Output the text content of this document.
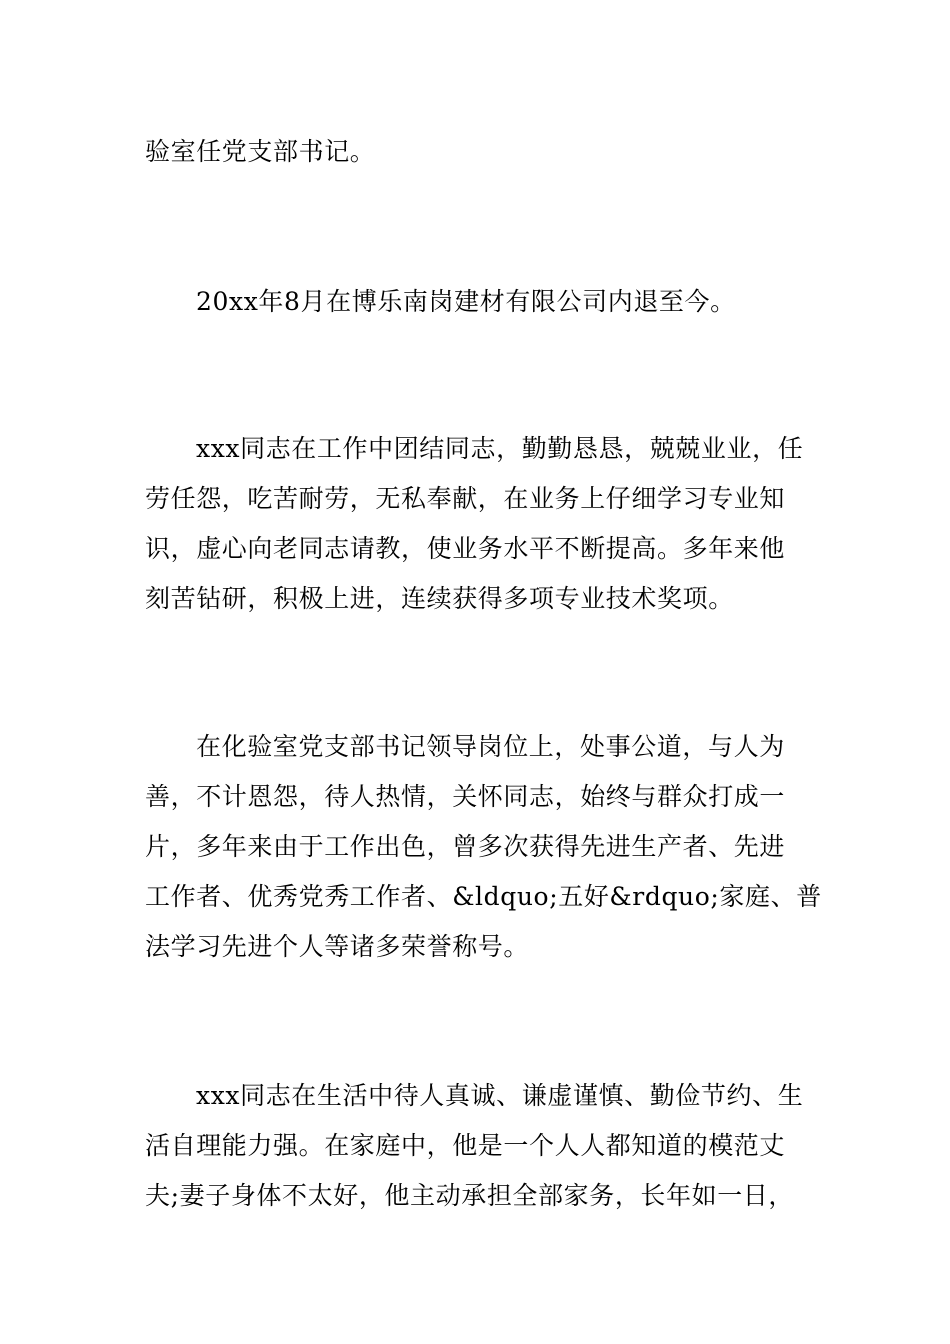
验室任党支部书记。
20xx年8月在博乐南岗建材有限公司内退至今。
xxx同志在工作中团结同志，勤勤恳恳，兢兢业业，任
劳任怨，吃苦耐劳，无私奉献，在业务上仔细学习专业知
识，虚心向老同志请教，使业务水平不断提高。多年来他
刻苦钻研，积极上进，连续获得多项专业技术奖项。
在化验室党支部书记领导岗位上，处事公道，与人为
善，不计恩怨，待人热情，关怀同志，始终与群众打成一
片，多年来由于工作出色，曾多次获得先进生产者、先进
工作者、优秀党秀工作者、&ldquo;五好&rdquo;家庭、普
法学习先进个人等诸多荣誉称号。
xxx同志在生活中待人真诚、谦虚谨慎、勤俭节约、生
活自理能力强。在家庭中，他是一个人人都知道的模范丈
夫;妻子身体不太好，他主动承担全部家务，长年如一日，
